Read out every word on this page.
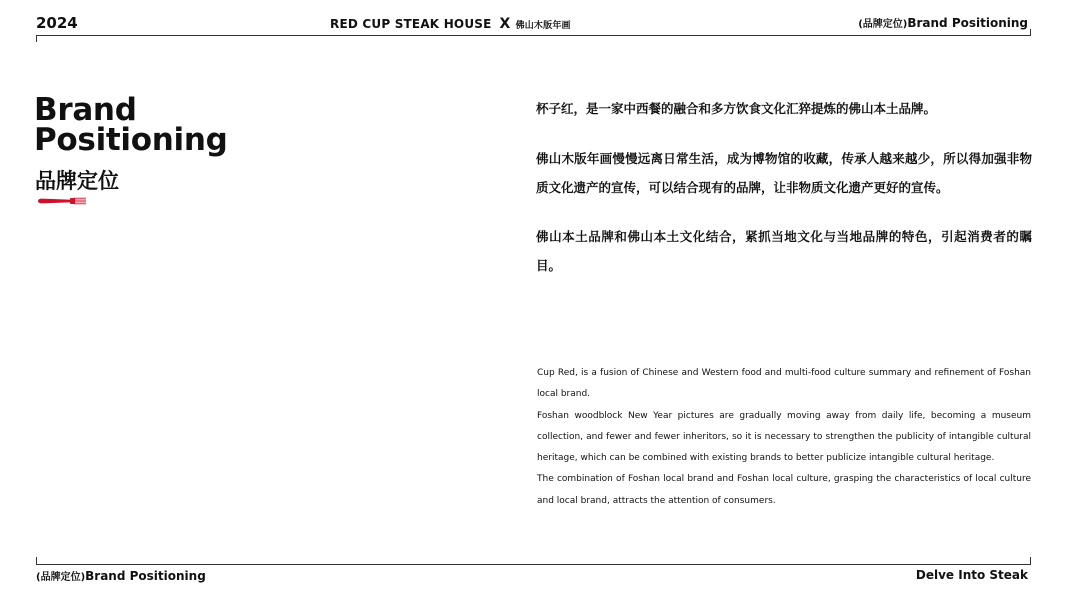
2024	RED CUP STEAK HOUSE X 佛山木版年画	(品牌定位)Brand Positioning
Brand
Positioning
品牌定位

杯子红，是一家中西餐的融合和多方饮食文化汇猝提炼的佛山本土品牌。

佛山木版年画慢慢远离日常生活，成为博物馆的收藏，传承人越来越少，所以得加强非物质文化遗产的宣传，可以结合现有的品牌，让非物质文化遗产更好的宣传。

佛山本土品牌和佛山本土文化结合，紧抓当地文化与当地品牌的特色，引起消费者的瞩目。

Cup Red, is a fusion of Chinese and Western food and multi-food culture summary and refinement of Foshan local brand.

Foshan woodblock New Year pictures are gradually moving away from daily life, becoming a museum collection, and fewer and fewer inheritors, so it is necessary to strengthen the publicity of intangible cultural heritage, which can be combined with existing brands to better publicize intangible cultural heritage.

The combination of Foshan local brand and Foshan local culture, grasping the characteristics of local culture and local brand, attracts the attention of consumers.

(品牌定位)Brand Positioning	Delve Into Steak
